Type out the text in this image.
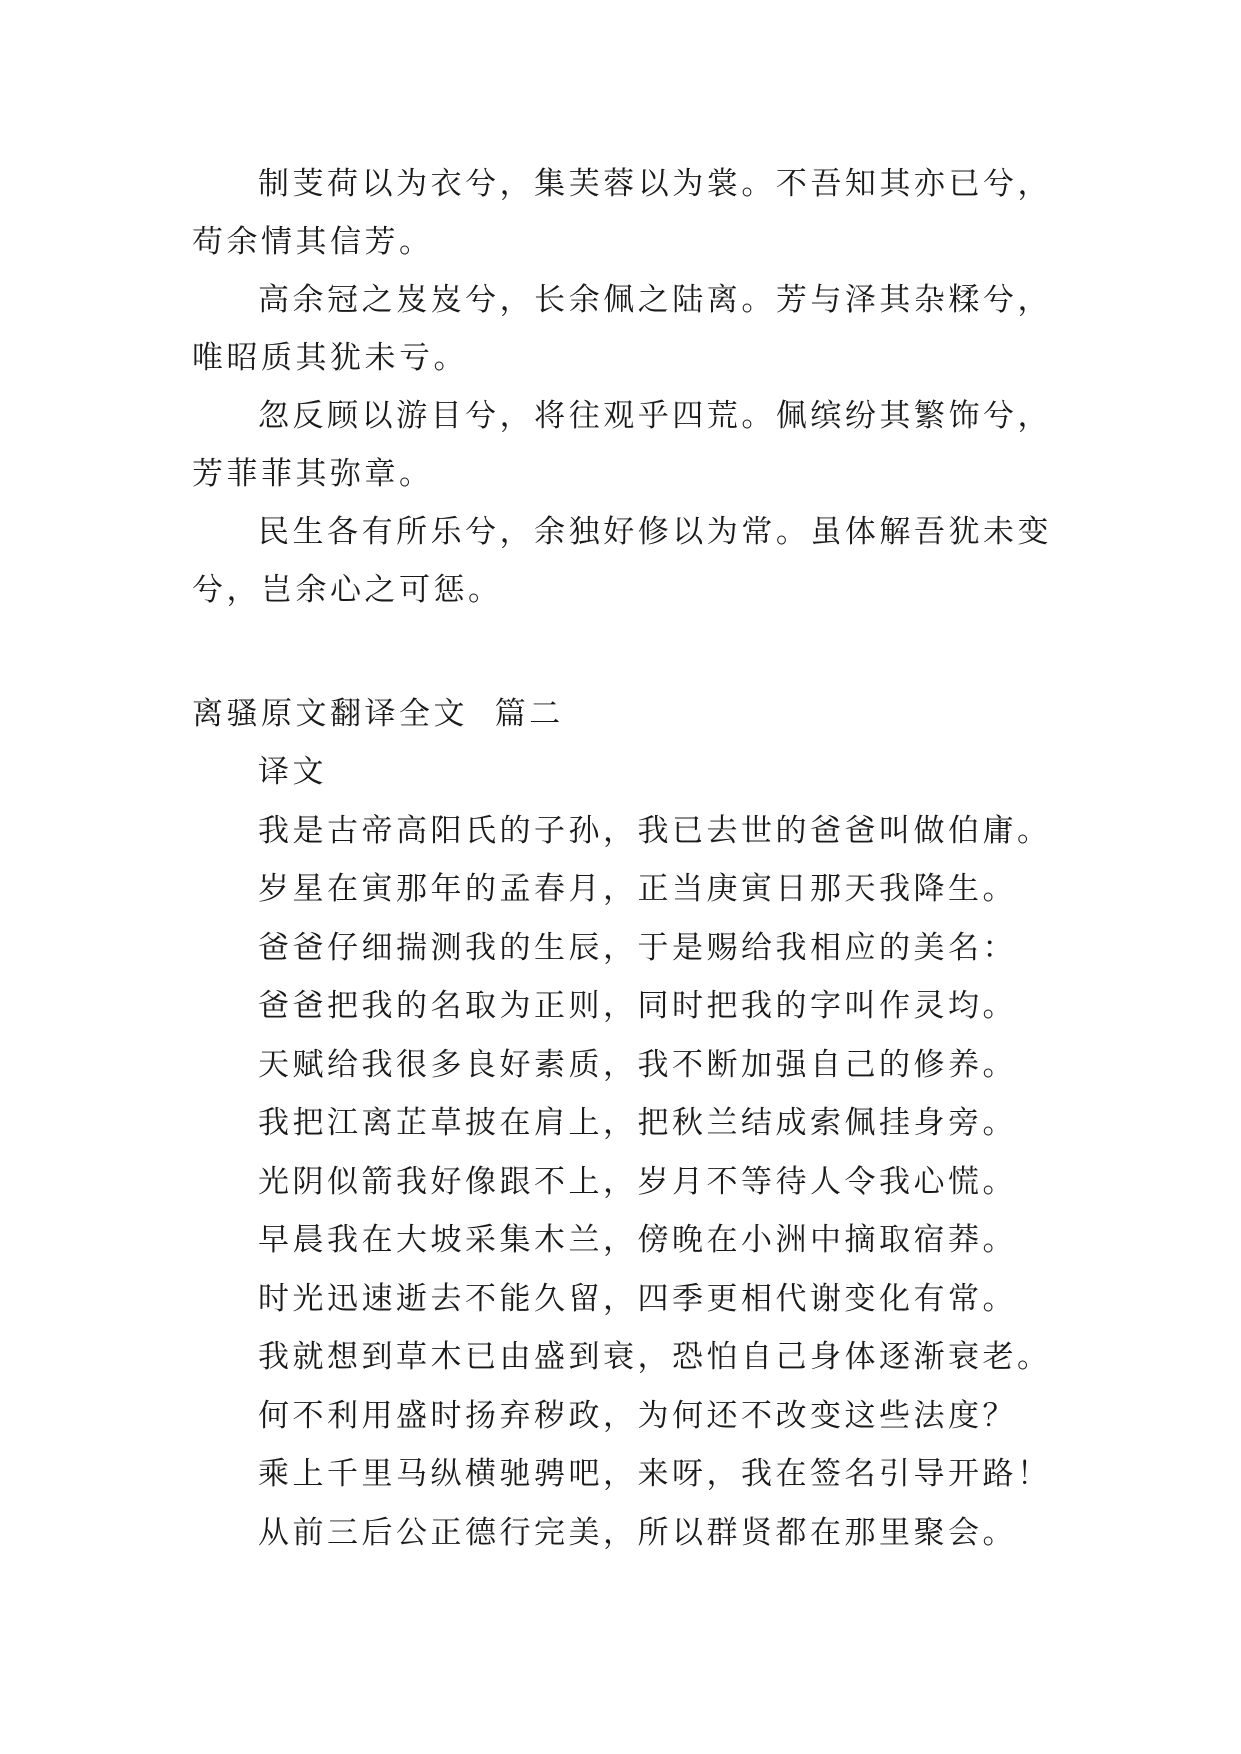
制芰荷以为衣兮，集芙蓉以为裳。不吾知其亦已兮，苟余情其信芳。

高余冠之岌岌兮，长余佩之陆离。芳与泽其杂糅兮，唯昭质其犹未亏。

忽反顾以游目兮，将往观乎四荒。佩缤纷其繁饰兮，芳菲菲其弥章。

民生各有所乐兮，余独好修以为常。虽体解吾犹未变兮，岂余心之可惩。

离骚原文翻译全文  篇二
译文
我是古帝高阳氏的子孙，我已去世的爸爸叫做伯庸。
岁星在寅那年的孟春月，正当庚寅日那天我降生。
爸爸仔细揣测我的生辰，于是赐给我相应的美名：
爸爸把我的名取为正则，同时把我的字叫作灵均。
天赋给我很多良好素质，我不断加强自己的修养。
我把江离芷草披在肩上，把秋兰结成索佩挂身旁。
光阴似箭我好像跟不上，岁月不等待人令我心慌。
早晨我在大坡采集木兰，傍晚在小洲中摘取宿莽。
时光迅速逝去不能久留，四季更相代谢变化有常。
我就想到草木已由盛到衰，恐怕自己身体逐渐衰老。
何不利用盛时扬弃秽政，为何还不改变这些法度？
乘上千里马纵横驰骋吧，来呀，我在签名引导开路！
从前三后公正德行完美，所以群贤都在那里聚会。
